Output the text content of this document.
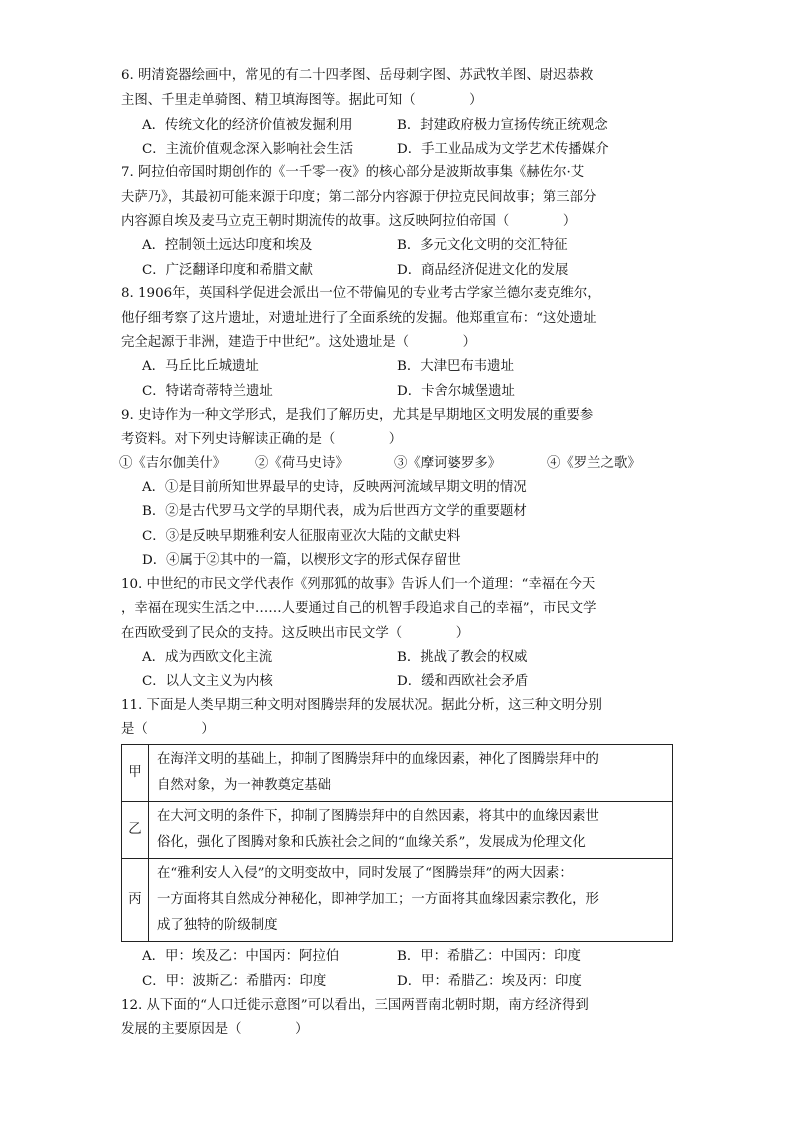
6. 明清瓷器绘画中，常见的有二十四孝图、岳母刺字图、苏武牧羊图、尉迟恭救
主图、千里走单骑图、精卫填海图等。据此可知（　　　　）
A．传统文化的经济价值被发掘利用	B．封建政府极力宣扬传统正统观念
C．主流价值观念深入影响社会生活	D．手工业品成为文学艺术传播媒介
7. 阿拉伯帝国时期创作的《一千零一夜》的核心部分是波斯故事集《赫佐尔·艾
夫萨乃》，其最初可能来源于印度；第二部分内容源于伊拉克民间故事；第三部分
内容源自埃及麦马立克王朝时期流传的故事。这反映阿拉伯帝国（　　　　）
A．控制领土远达印度和埃及	B．多元文化文明的交汇特征
C．广泛翻译印度和希腊文献	D．商品经济促进文化的发展
8. 1906年，英国科学促进会派出一位不带偏见的专业考古学家兰德尔麦克维尔，
他仔细考察了这片遗址，对遗址进行了全面系统的发掘。他郑重宣布：“这处遗址
完全起源于非洲，建造于中世纪”。这处遗址是（　　　　）
A．马丘比丘城遗址	B．大津巴布韦遗址
C．特诺奇蒂特兰遗址	D．卡舍尔城堡遗址
9. 史诗作为一种文学形式，是我们了解历史，尤其是早期地区文明发展的重要参
考资料。对下列史诗解读正确的是（　　　　）
①《吉尔伽美什》 ②《荷马史诗》	③《摩诃婆罗多》	④《罗兰之歌》
A．①是目前所知世界最早的史诗，反映两河流域早期文明的情况
B．②是古代罗马文学的早期代表，成为后世西方文学的重要题材
C．③是反映早期雅利安人征服南亚次大陆的文献史料
D．④属于②其中的一篇，以楔形文字的形式保存留世
10. 中世纪的市民文学代表作《列那狐的故事》告诉人们一个道理：“幸福在今天
，幸福在现实生活之中……人要通过自己的机智手段追求自己的幸福”，市民文学
在西欧受到了民众的支持。这反映出市民文学（　　　　）
A．成为西欧文化主流	B．挑战了教会的权威
C．以人文主义为内核	D．缓和西欧社会矛盾
11. 下面是人类早期三种文明对图腾崇拜的发展状况。据此分析，这三种文明分别
是（　　　　）
甲	在海洋文明的基础上，抑制了图腾崇拜中的血缘因素，神化了图腾崇拜中的
自然对象，为一神教奠定基础

乙	在大河文明的条件下，抑制了图腾崇拜中的自然因素，将其中的血缘因素世
俗化，强化了图腾对象和氏族社会之间的“血缘关系”，发展成为伦理文化

丙	在“雅利安人入侵”的文明变故中，同时发展了“图腾崇拜”的两大因素：
一方面将其自然成分神秘化，即神学加工；一方面将其血缘因素宗教化，形
成了独特的阶级制度
A．甲：埃及乙：中国丙：阿拉伯	B．甲：希腊乙：中国丙：印度
C．甲：波斯乙：希腊丙：印度	D．甲：希腊乙：埃及丙：印度
12. 从下面的“人口迁徙示意图”可以看出，三国两晋南北朝时期，南方经济得到
发展的主要原因是（　　　　）
